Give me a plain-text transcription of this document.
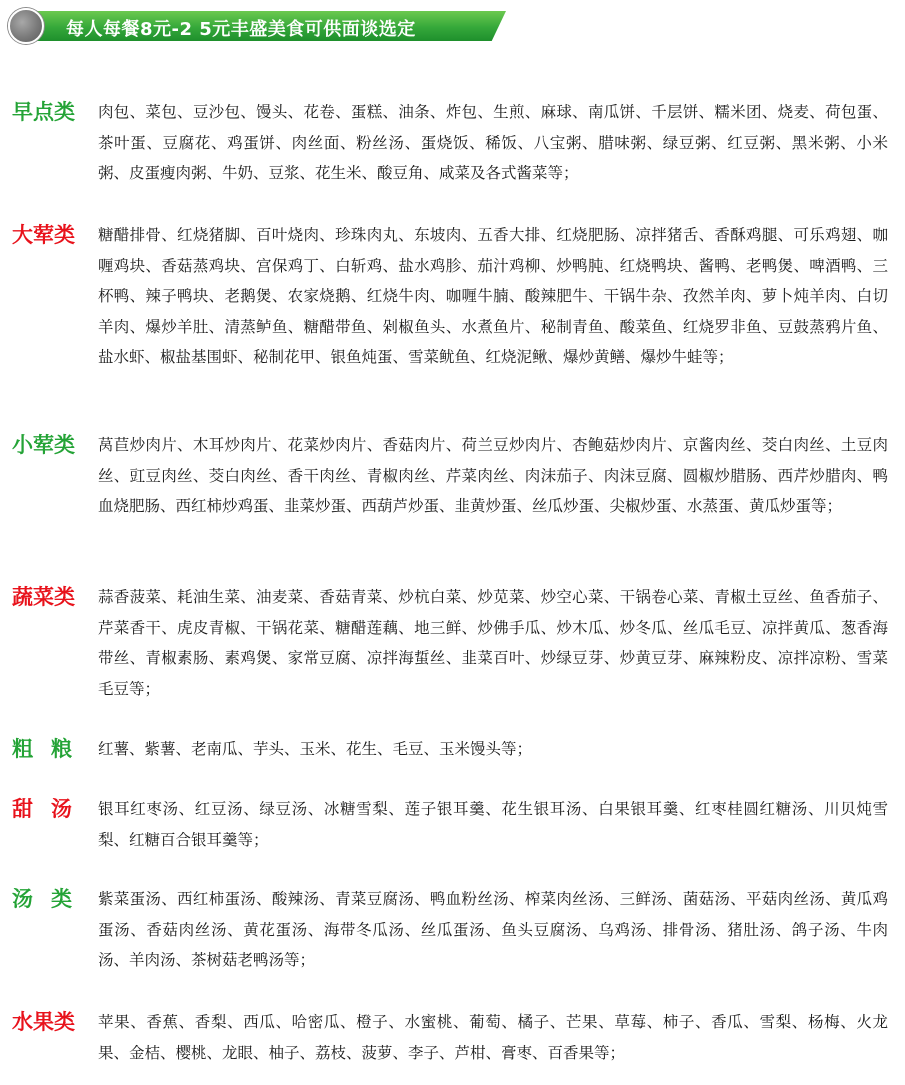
每人每餐8元-2 5元丰盛美食可供面谈选定
早点类	肉包、菜包、豆沙包、馒头、花卷、蛋糕、油条、炸包、生煎、麻球、南瓜饼、千层饼、糯米团、烧麦、荷包蛋、茶叶蛋、豆腐花、鸡蛋饼、肉丝面、粉丝汤、蛋烧饭、稀饭、八宝粥、腊味粥、绿豆粥、红豆粥、黑米粥、小米粥、皮蛋瘦肉粥、牛奶、豆浆、花生米、酸豆角、咸菜及各式酱菜等；
大荤类	糖醋排骨、红烧猪脚、百叶烧肉、珍珠肉丸、东坡肉、五香大排、红烧肥肠、凉拌猪舌、香酥鸡腿、可乐鸡翅、咖喱鸡块、香菇蒸鸡块、宫保鸡丁、白斩鸡、盐水鸡胗、茄汁鸡柳、炒鸭肫、红烧鸭块、酱鸭、老鸭煲、啤酒鸭、三杯鸭、辣子鸭块、老鹅煲、农家烧鹅、红烧牛肉、咖喱牛腩、酸辣肥牛、干锅牛杂、孜然羊肉、萝卜炖羊肉、白切羊肉、爆炒羊肚、清蒸鲈鱼、糖醋带鱼、剁椒鱼头、水煮鱼片、秘制青鱼、酸菜鱼、红烧罗非鱼、豆鼓蒸鸦片鱼、盐水虾、椒盐基围虾、秘制花甲、银鱼炖蛋、雪菜鱿鱼、红烧泥鳅、爆炒黄鳝、爆炒牛蛙等；
小荤类	莴苣炒肉片、木耳炒肉片、花菜炒肉片、香菇肉片、荷兰豆炒肉片、杏鲍菇炒肉片、京酱肉丝、茭白肉丝、土豆肉丝、豇豆肉丝、茭白肉丝、香干肉丝、青椒肉丝、芹菜肉丝、肉沫茄子、肉沫豆腐、圆椒炒腊肠、西芹炒腊肉、鸭血烧肥肠、西红柿炒鸡蛋、韭菜炒蛋、西葫芦炒蛋、韭黄炒蛋、丝瓜炒蛋、尖椒炒蛋、水蒸蛋、黄瓜炒蛋等；
蔬菜类	蒜香菠菜、耗油生菜、油麦菜、香菇青菜、炒杭白菜、炒苋菜、炒空心菜、干锅卷心菜、青椒土豆丝、鱼香茄子、芹菜香干、虎皮青椒、干锅花菜、糖醋莲藕、地三鲜、炒佛手瓜、炒木瓜、炒冬瓜、丝瓜毛豆、凉拌黄瓜、葱香海带丝、青椒素肠、素鸡煲、家常豆腐、凉拌海蜇丝、韭菜百叶、炒绿豆芽、炒黄豆芽、麻辣粉皮、凉拌凉粉、雪菜毛豆等；
粗粮 红薯、紫薯、老南瓜、芋头、玉米、花生、毛豆、玉米馒头等；
甜汤 银耳红枣汤、红豆汤、绿豆汤、冰糖雪梨、莲子银耳羹、花生银耳汤、白果银耳羹、红枣桂圆红糖汤、川贝炖雪梨、红糖百合银耳羹等；
汤类 紫菜蛋汤、西红柿蛋汤、酸辣汤、青菜豆腐汤、鸭血粉丝汤、榨菜肉丝汤、三鲜汤、菌菇汤、平菇肉丝汤、黄瓜鸡蛋汤、香菇肉丝汤、黄花蛋汤、海带冬瓜汤、丝瓜蛋汤、鱼头豆腐汤、乌鸡汤、排骨汤、猪肚汤、鸽子汤、牛肉汤、羊肉汤、茶树菇老鸭汤等；
水果类	苹果、香蕉、香梨、西瓜、哈密瓜、橙子、水蜜桃、葡萄、橘子、芒果、草莓、柿子、香瓜、雪梨、杨梅、火龙果、金桔、樱桃、龙眼、柚子、荔枝、菠萝、李子、芦柑、膏枣、百香果等；
